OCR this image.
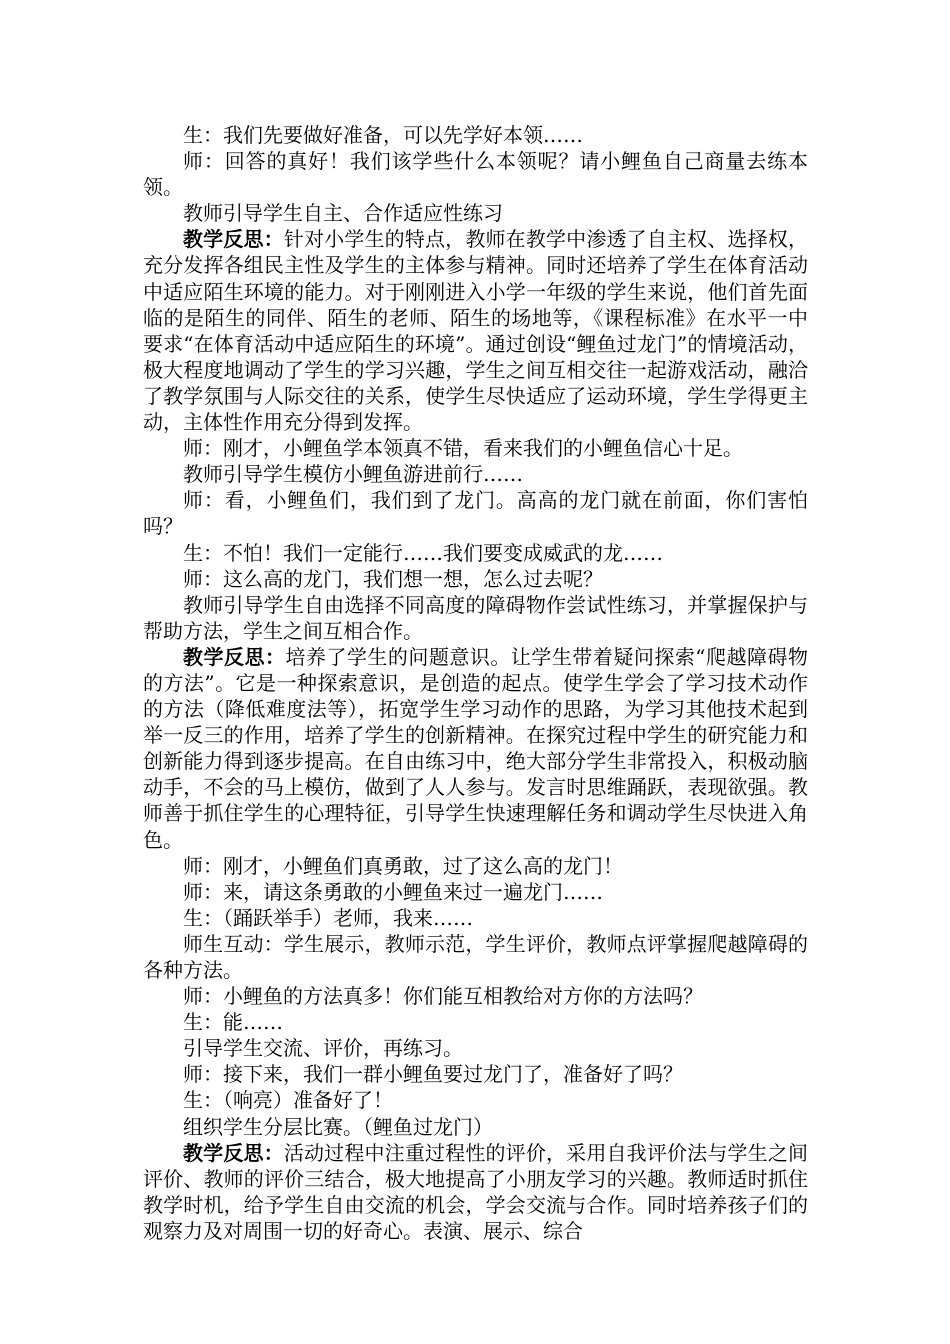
生：我们先要做好准备，可以先学好本领……

师：回答的真好！我们该学些什么本领呢？请小鲤鱼自己商量去练本领。

教师引导学生自主、合作适应性练习

教学反思：针对小学生的特点，教师在教学中渗透了自主权、选择权，充分发挥各组民主性及学生的主体参与精神。同时还培养了学生在体育活动中适应陌生环境的能力。对于刚刚进入小学一年级的学生来说，他们首先面临的是陌生的同伴、陌生的老师、陌生的场地等，《课程标准》在水平一中要求“在体育活动中适应陌生的环境”。通过创设“鲤鱼过龙门”的情境活动，极大程度地调动了学生的学习兴趣，学生之间互相交往一起游戏活动，融洽了教学氛围与人际交往的关系，使学生尽快适应了运动环境，学生学得更主动，主体性作用充分得到发挥。

师：刚才，小鲤鱼学本领真不错，看来我们的小鲤鱼信心十足。

教师引导学生模仿小鲤鱼游进前行……

师：看，小鲤鱼们，我们到了龙门。高高的龙门就在前面，你们害怕吗？

生：不怕！我们一定能行……我们要变成威武的龙……

师：这么高的龙门，我们想一想，怎么过去呢？

教师引导学生自由选择不同高度的障碍物作尝试性练习，并掌握保护与帮助方法，学生之间互相合作。

教学反思：培养了学生的问题意识。让学生带着疑问探索“爬越障碍物的方法”。它是一种探索意识，是创造的起点。使学生学会了学习技术动作的方法（降低难度法等），拓宽学生学习动作的思路，为学习其他技术起到举一反三的作用，培养了学生的创新精神。在探究过程中学生的研究能力和创新能力得到逐步提高。在自由练习中，绝大部分学生非常投入，积极动脑动手，不会的马上模仿，做到了人人参与。发言时思维踊跃，表现欲强。教师善于抓住学生的心理特征，引导学生快速理解任务和调动学生尽快进入角色。

师：刚才，小鲤鱼们真勇敢，过了这么高的龙门！

师：来，请这条勇敢的小鲤鱼来过一遍龙门……

生：（踊跃举手）老师，我来……

师生互动：学生展示，教师示范，学生评价，教师点评掌握爬越障碍的各种方法。

师：小鲤鱼的方法真多！你们能互相教给对方你的方法吗？

生：能……

引导学生交流、评价，再练习。

师：接下来，我们一群小鲤鱼要过龙门了，准备好了吗？

生：（响亮）准备好了！

组织学生分层比赛。（鲤鱼过龙门）

教学反思：活动过程中注重过程性的评价，采用自我评价法与学生之间评价、教师的评价三结合，极大地提高了小朋友学习的兴趣。教师适时抓住教学时机，给予学生自由交流的机会，学会交流与合作。同时培养孩子们的观察力及对周围一切的好奇心。表演、展示、综合
